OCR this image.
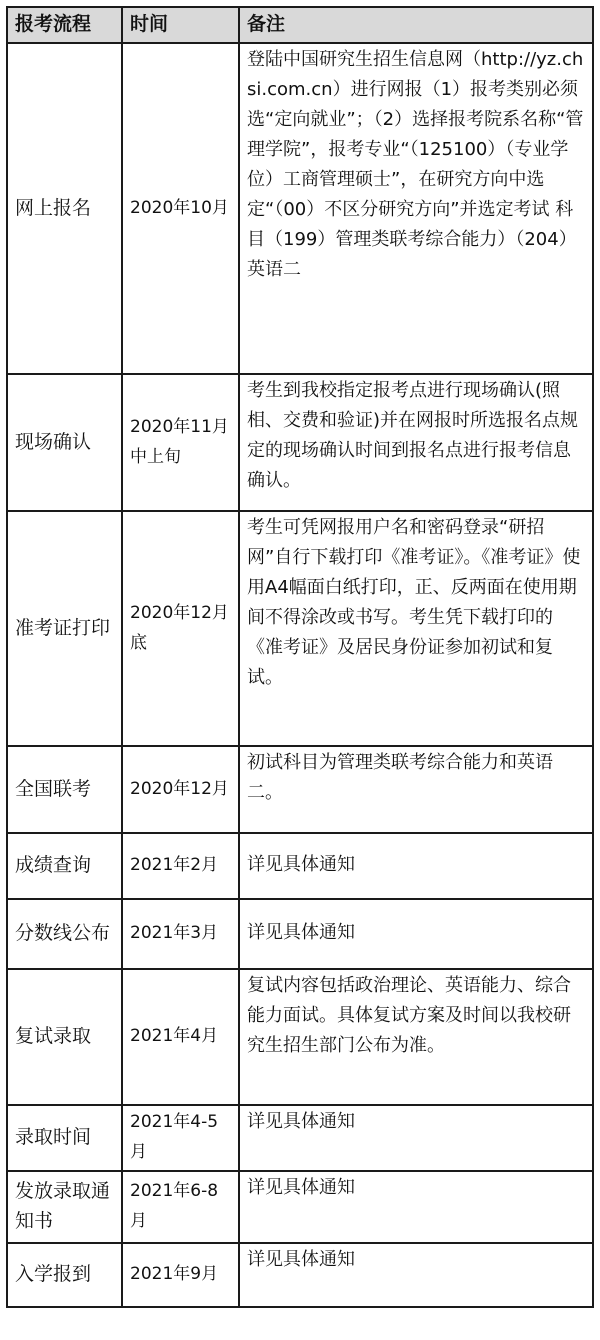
报考流程	时间	备注
网上报名	2020年10月	登陆中国研究生招生信息网（http://yz.chsi.com.cn）进行网报（1）报考类别必须选“定向就业”；（2）选择报考院系名称“管理学院”，报考专业“（125100）（专业学位）工商管理硕士”，在研究方向中选定“（00）不区分研究方向”并选定考试 科目（199）管理类联考综合能力）（204）英语二
现场确认	2020年11月中上旬	考生到我校指定报考点进行现场确认(照相、交费和验证)并在网报时所选报名点规定的现场确认时间到报名点进行报考信息确认。
准考证打印	2020年12月底	考生可凭网报用户名和密码登录“研招网”自行下载打印《准考证》。《准考证》使用A4幅面白纸打印，正、反两面在使用期间不得涂改或书写。考生凭下载打印的《准考证》及居民身份证参加初试和复试。
全国联考	2020年12月	初试科目为管理类联考综合能力和英语二。
成绩查询	2021年2月	详见具体通知
分数线公布	2021年3月	详见具体通知
复试录取	2021年4月	复试内容包括政治理论、英语能力、综合能力面试。具体复试方案及时间以我校研究生招生部门公布为准。
录取时间	2021年4-5月	详见具体通知
发放录取通知书	2021年6-8月	详见具体通知
入学报到	2021年9月	详见具体通知
